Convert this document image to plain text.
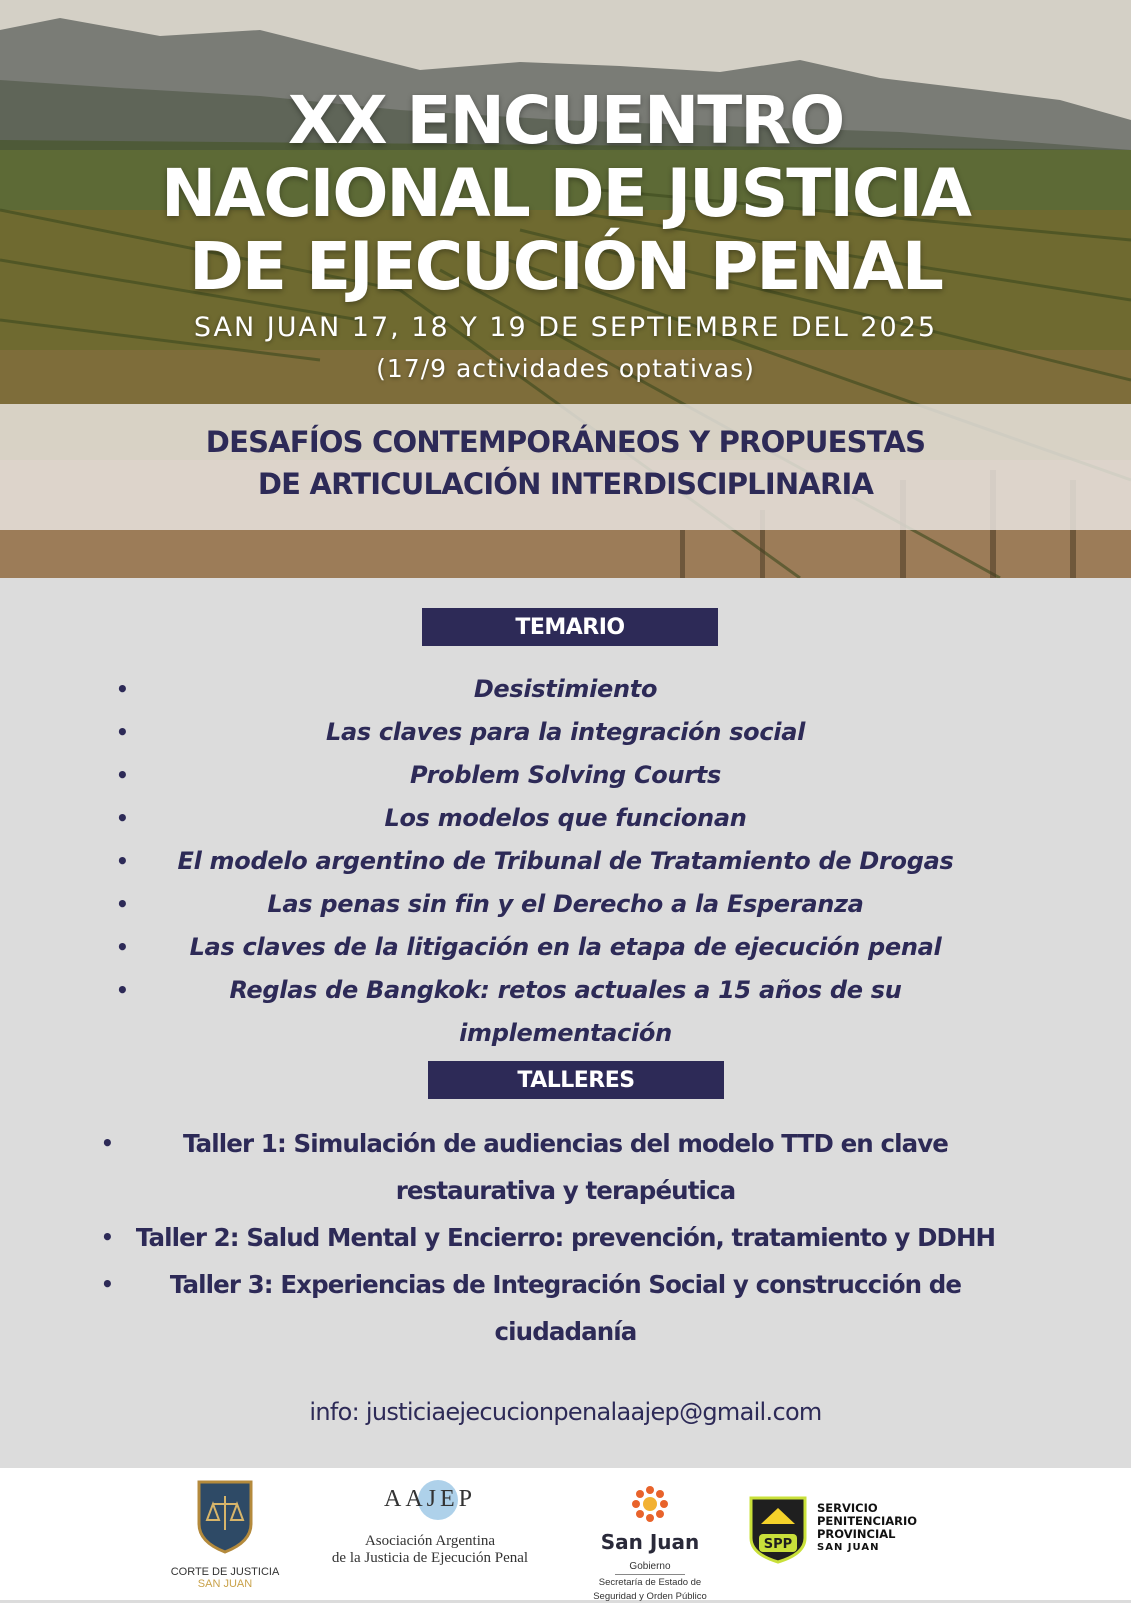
XX ENCUENTRO
NACIONAL DE JUSTICIA
DE EJECUCIÓN PENAL
SAN JUAN 17, 18 Y 19 DE SEPTIEMBRE DEL 2025
(17/9 actividades optativas)
DESAFÍOS CONTEMPORÁNEOS Y PROPUESTAS
DE ARTICULACIÓN INTERDISCIPLINARIA
TEMARIO
•	Desistimiento
•	Las claves para la integración social
•	Problem Solving Courts
•	Los modelos que funcionan
• El modelo argentino de Tribunal de Tratamiento de Drogas
•	Las penas sin fin y el Derecho a la Esperanza
•	Las claves de la litigación en la etapa de ejecución penal
•	Reglas de Bangkok: retos actuales a 15 años de su implementación
TALLERES
•	Taller 1: Simulación de audiencias del modelo TTD en clave restaurativa y terapéutica
• Taller 2: Salud Mental y Encierro: prevención, tratamiento y DDHH
• Taller 3: Experiencias de Integración Social y construcción de ciudadanía
info: justiciaejecucionpenalaajep@gmail.com
CORTE DE JUSTICIA
SAN JUAN
AAJEP
Asociación Argentina
de la Justicia de Ejecución Penal
San Juan
Gobierno
Secretaría de Estado de
Seguridad y Orden Público
SPP
SERVICIO
PENITENCIARIO
PROVINCIAL
SAN JUAN
